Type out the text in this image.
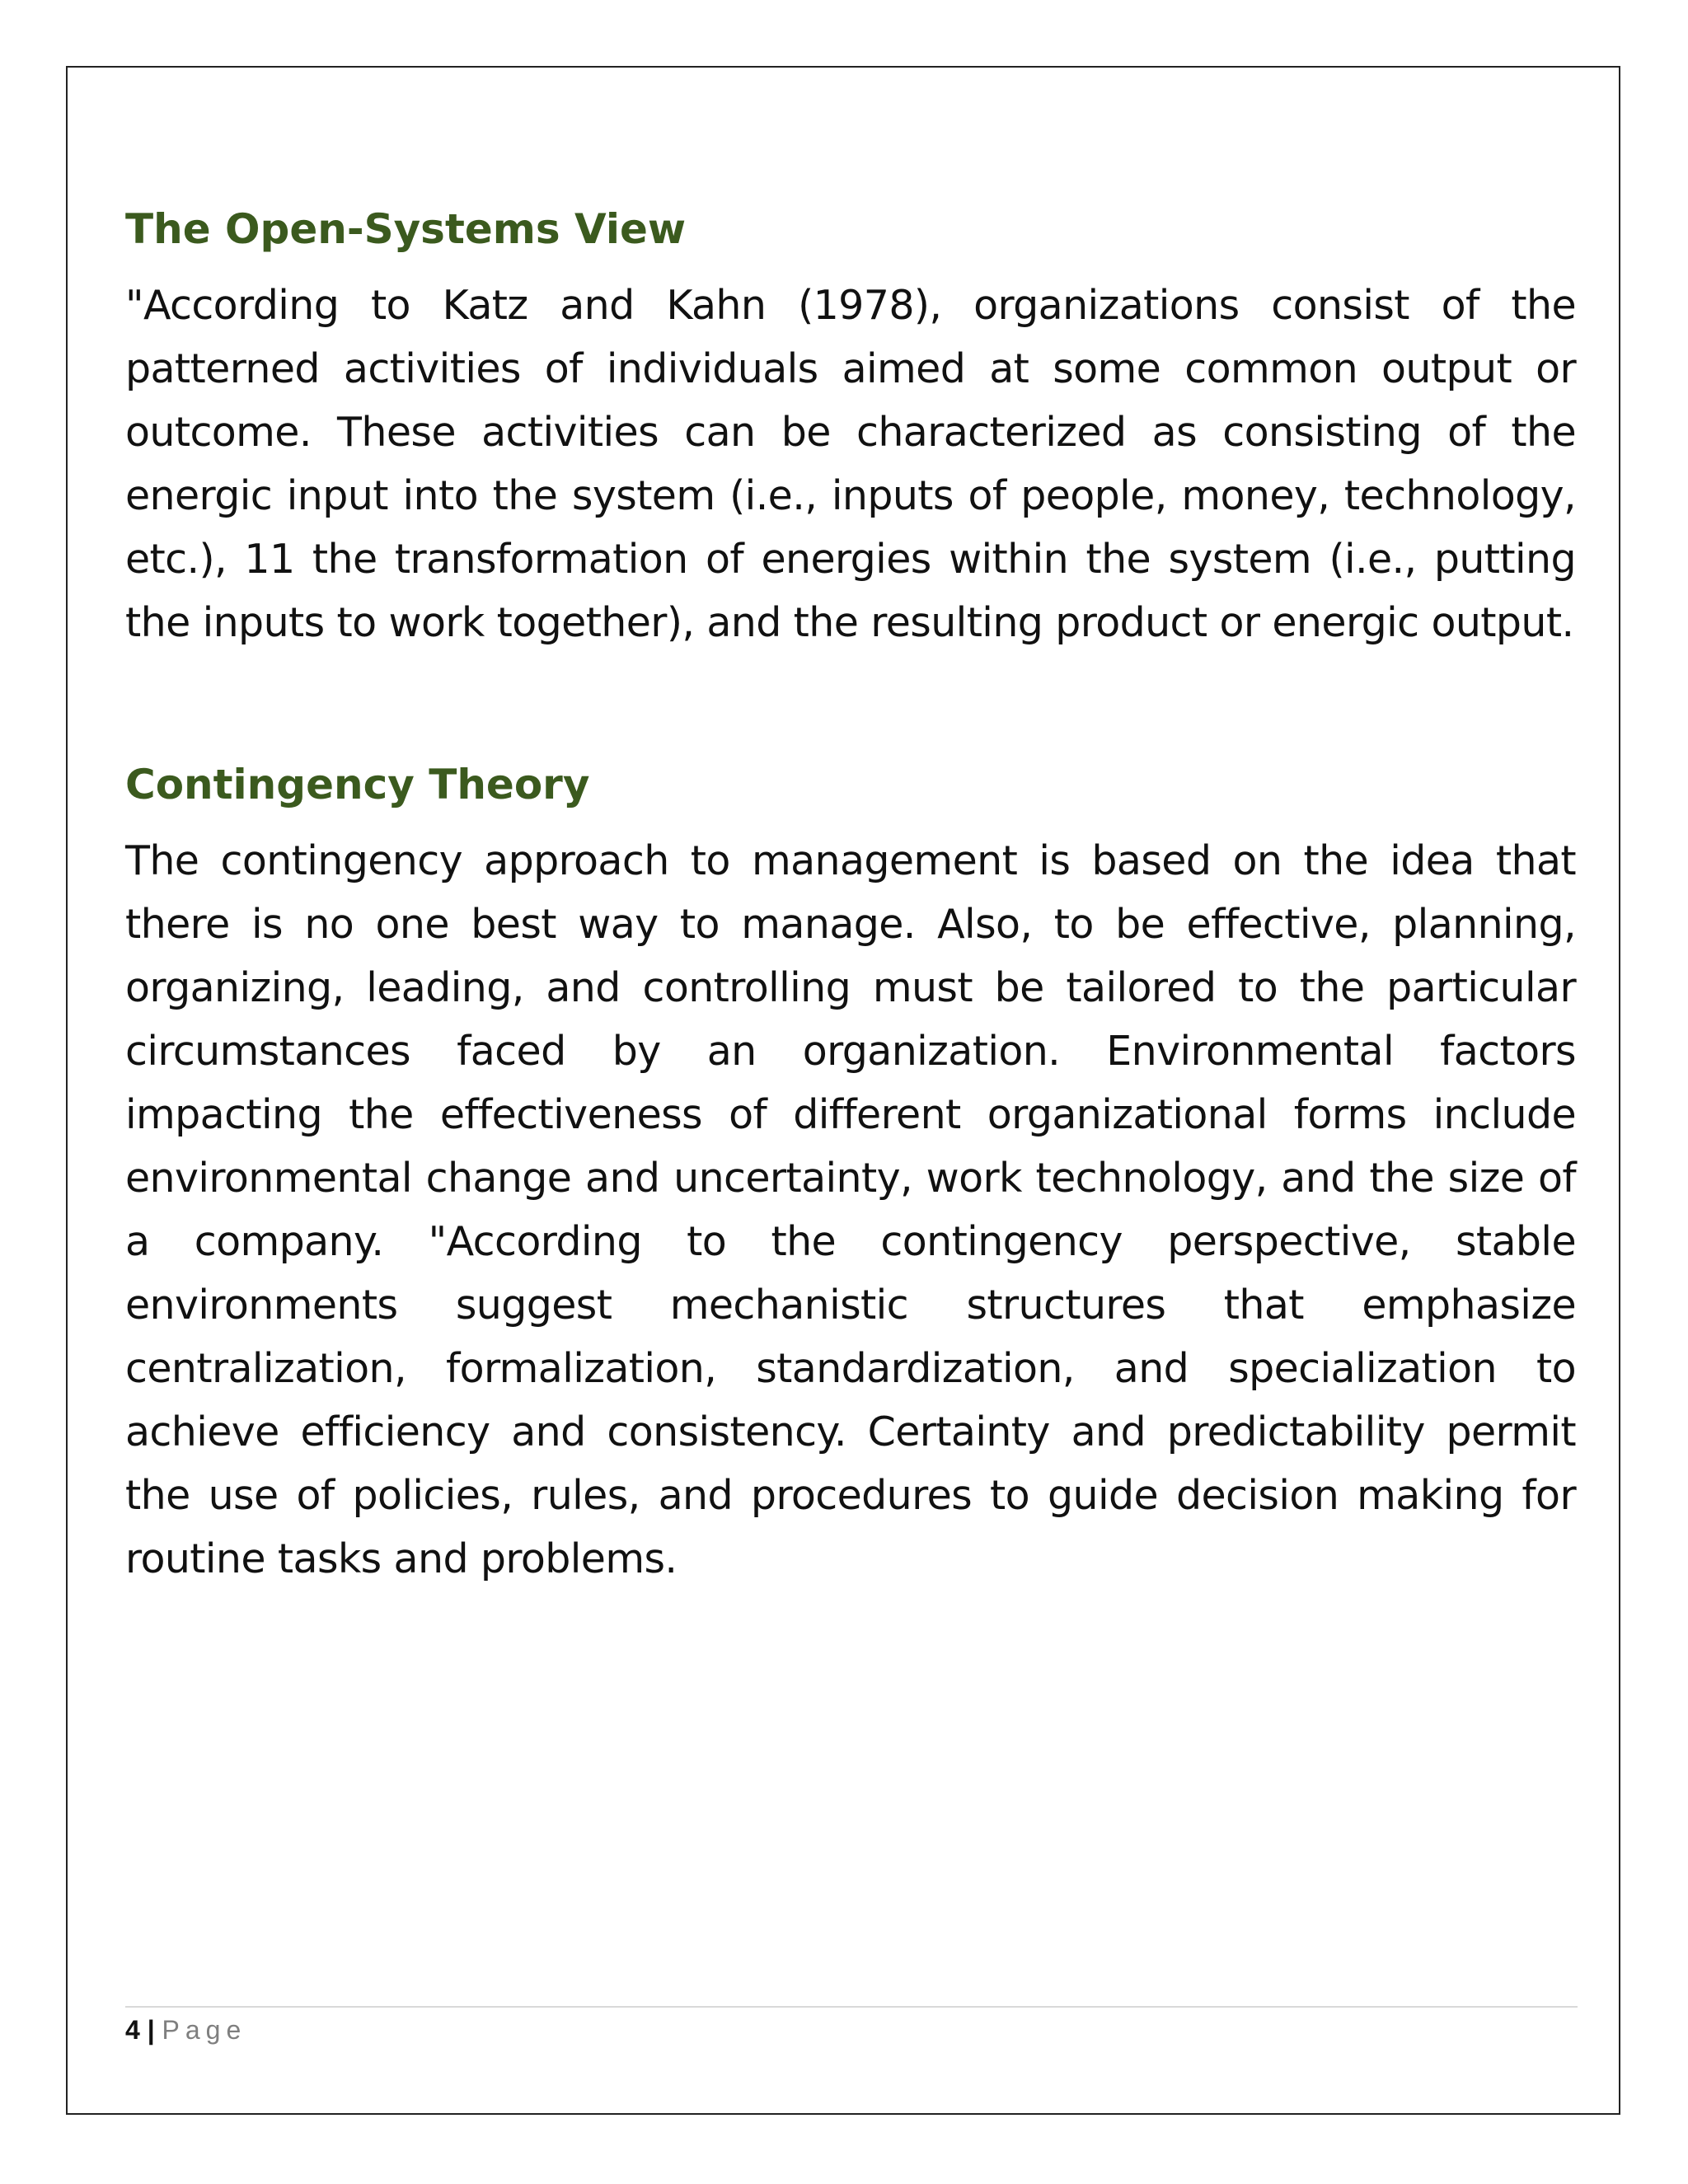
The Open-Systems View

"According to Katz and Kahn (1978), organizations consist of the patterned activities of individuals aimed at some common output or outcome. These activities can be characterized as consisting of the energic input into the system (i.e., inputs of people, money, technology, etc.), 11 the transformation of energies within the system (i.e., putting the inputs to work together), and the resulting product or energic output.

Contingency Theory

The contingency approach to management is based on the idea that there is no one best way to manage. Also, to be effective, planning, organizing, leading, and controlling must be tailored to the particular circumstances faced by an organization. Environmental factors impacting the effectiveness of different organizational forms include environmental change and uncertainty, work technology, and the size of a company. "According to the contingency perspective, stable environments suggest mechanistic structures that emphasize centralization, formalization, standardization, and specialization to achieve efficiency and consistency. Certainty and predictability permit the use of policies, rules, and procedures to guide decision making for routine tasks and problems.

4 | Page
